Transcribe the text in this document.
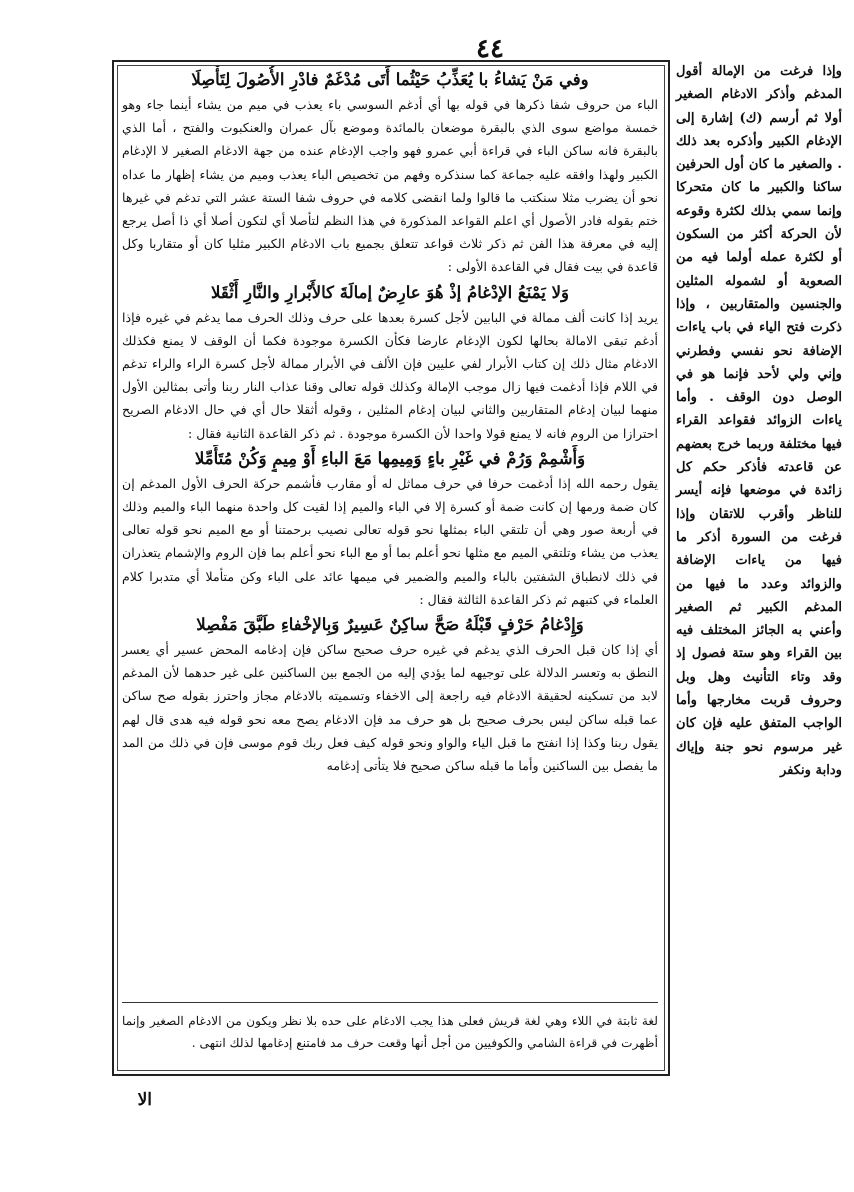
٤٤
وفي مَنْ يَشاءُ با يُعَذِّبُ حَيْثُما أَتَى مُدْغَمٌ فادْرِ الأُصُولَ لِتَأْصِلَا
الباء من حروف شفا ذكرها في قوله بها أي أدغم السوسي باء يعذب في ميم من يشاء أينما جاء وهو خمسة مواضع سوى الذي بالبقرة موضعان بالمائدة وموضع بآل عمران والعنكبوت والفتح ، أما الذي بالبقرة فانه ساكن الباء في قراءة أبي عمرو فهو واجب الإدغام عنده من جهة الادغام الصغير لا الإدغام الكبير ولهذا وافقه عليه جماعة كما سنذكره وفهم من تخصيص الباء يعذب وميم من يشاء إظهار ما عداه نحو أن يضرب مثلا سنكتب ما قالوا ولما انقضى كلامه في حروف شفا الستة عشر التي تدغم في غيرها ختم بقوله فادر الأصول أي اعلم القواعد المذكورة في هذا النظم لتأصلا أي لتكون أصلا أي ذا أصل يرجع إليه في معرفة هذا الفن ثم ذكر ثلاث قواعد تتعلق بجميع باب الادغام الكبير مثليا كان أو متقاربا وكل قاعدة في بيت فقال في القاعدة الأولى :
وَلا يَمْنَعُ الإدْغامُ إذْ هُوَ عارِضٌ إمالَةَ كالأَبْرارِ والنَّارِ أَثْقَلا
يريد إذا كانت ألف ممالة في البابين لأجل كسرة بعدها على حرف وذلك الحرف مما يدغم في غيره فإذا أدغم تبقى الامالة بحالها لكون الإدغام عارضا فكأن الكسرة موجودة فكما أن الوقف لا يمنع فكذلك الادغام مثال ذلك إن كتاب الأبرار لفي عليين فإن الألف في الأبرار ممالة لأجل كسرة الراء والراء تدغم في اللام فإذا أدغمت فيها زال موجب الإمالة وكذلك قوله تعالى وقنا عذاب النار ربنا وأتى بمثالين الأول منهما لبيان إدغام المتقاربين والثاني لبيان إدغام المثلين ، وقوله أثقلا حال أي في حال الادغام الصريح احترازا من الروم فانه لا يمنع قولا واحدا لأن الكسرة موجودة . ثم ذكر القاعدة الثانية فقال :
وَأَشْمِمْ وَرُمْ في غَيْرِ باءٍ وَمِيمِها مَعَ الباءِ أَوْ مِيمٍ وَكُنْ مُتَأَمِّلا
يقول رحمه الله إذا أدغمت حرفا في حرف مماثل له أو مقارب فأشمم حركة الحرف الأول المدغم إن كان ضمة ورمها إن كانت ضمة أو كسرة إلا في الباء والميم إذا لقيت كل واحدة منهما الباء والميم وذلك في أربعة صور وهي أن تلتقي الباء بمثلها نحو قوله تعالى نصيب برحمتنا أو مع الميم نحو قوله تعالى يعذب من يشاء وتلتقي الميم مع مثلها نحو أعلم بما أو مع الباء نحو أعلم بما فإن الروم والإشمام يتعذران في ذلك لانطباق الشفتين بالباء والميم والضمير في ميمها عائد على الباء وكن متأملا أي متدبرا كلام العلماء في كتبهم ثم ذكر القاعدة الثالثة فقال :
وَإِدْغامُ حَرْفٍ قَبْلَهُ صَحَّ ساكِنٌ عَسِيرٌ وَبِالإخْفاءِ طَبَّقَ مَفْصِلا
أي إذا كان قبل الحرف الذي يدغم في غيره حرف صحيح ساكن فإن إدغامه المحض عسير أي يعسر النطق به وتعسر الدلالة على توجيهه لما يؤدي إليه من الجمع بين الساكنين على غير حدهما لأن المدغم لابد من تسكينه لحقيقة الادغام فيه راجعة إلى الاخفاء وتسميته بالادغام مجاز واحترز بقوله صح ساكن عما قبله ساكن ليس بحرف صحيح بل هو حرف مد فإن الادغام يصح معه نحو قوله فيه هدى قال لهم يقول ربنا وكذا إذا انفتح ما قبل الياء والواو ونحو قوله كيف فعل ربك قوم موسى فإن في ذلك من المد ما يفصل بين الساكنين وأما ما قبله ساكن صحيح فلا يتأتى إدغامه
لغة ثابتة في اللاء وهي لغة قريش فعلى هذا يجب الادغام على حده بلا نظر ويكون من الادغام الصغير وإنما أظهرت في قراءة الشامي والكوفيين من أجل أنها وقعت حرف مد فامتنع إدغامها لذلك انتهى .
وإذا فرغت من الإمالة أقول المدغم وأذكر الادغام الصغير أولا ثم أرسم (ك) إشارة إلى الإدغام الكبير وأذكره بعد ذلك . والصغير ما كان أول الحرفين ساكنا والكبير ما كان متحركا وإنما سمي بذلك لكثرة وقوعه لأن الحركة أكثر من السكون أو لكثرة عمله أولما فيه من الصعوبة أو لشموله المثلين والجنسين والمتقاربين ، وإذا ذكرت فتح الياء في باب ياءات الإضافة نحو نفسي وفطرني وإني ولي لأحد فإنما هو في الوصل دون الوقف . وأما ياءات الزوائد فقواعد القراء فيها مختلفة وربما خرج بعضهم عن قاعدته فأذكر حكم كل زائدة في موضعها فإنه أيسر للناظر وأقرب للاتقان وإذا فرغت من السورة أذكر ما فيها من ياءات الإضافة والزوائد وعدد ما فيها من المدغم الكبير ثم الصغير وأعني به الجائز المختلف فيه بين القراء وهو ستة فصول إذ وقد وتاء التأنيث وهل وبل وحروف قربت مخارجها وأما الواجب المتفق عليه فإن كان غير مرسوم نحو جنة وإياك ودابة ونكفر
الا
